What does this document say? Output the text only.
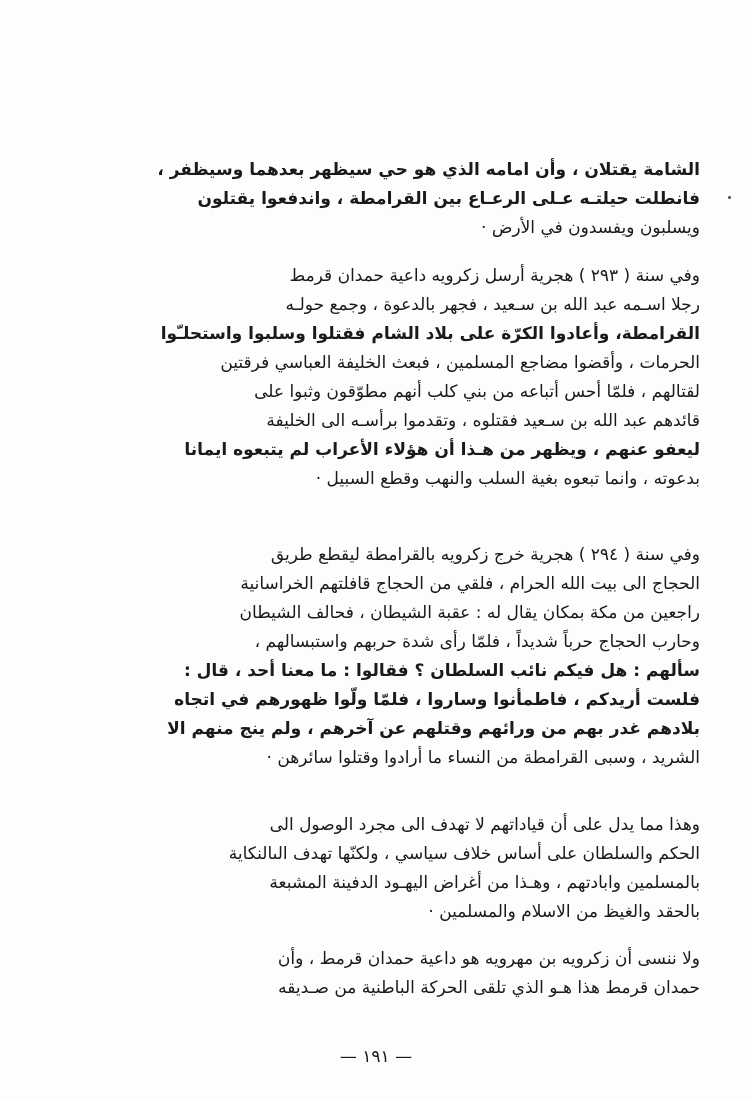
الشامة يقتلان ، وأن امامه الذي هو حي سيظهر بعدهما وسيظفر ،
فانطلت حيلتـه عـلى الرعـاع بين القرامطة ، واندفعوا يقتلون
ويسلبون ويفسدون في الأرض ·
وفي سنة ( ٢٩٣ ) هجرية أرسل زكرويه داعية حمدان قرمط
رجلا اسـمه عبد الله بن سـعيد ، فجهر بالدعوة ، وجمع حولـه
القرامطة، وأعادوا الكرّة على بلاد الشام فقتلوا وسلبوا واستحلـّوا
الحرمات ، وأقضوا مضاجع المسلمين ، فبعث الخليفة العباسي فرقتين
لقتالهم ، فلمّا أحس أتباعه من بني كلب أنهم مطوّقون وثبوا على
قائدهم عبد الله بن سـعيد فقتلوه ، وتقدموا برأسـه الى الخليفة
ليعفو عنهم ، ويظهر من هـذا أن هؤلاء الأعراب لم يتبعوه ايمانا
بدعوته ، وانما تبعوه بغية السلب والنهب وقطع السبيل ·
وفي سنة ( ٢٩٤ ) هجرية خرج زكرويه بالقرامطة ليقطع طريق
الحجاج الى بيت الله الحرام ، فلقي من الحجاج قافلتهم الخراسانية
راجعين من مكة بمكان يقال له : عقبة الشيطان ، فحالف الشيطان
وحارب الحجاج حرباً شديداً ، فلمّا رأى شدة حربهم واستبسالهم ،
سألهم : هل فيكم نائب السلطان ؟ فقالوا : ما معنا أحد ، قال :
فلست أريدكم ، فاطمأنوا وساروا ، فلمّا ولّوا ظهورهم في اتجاه
بلادهم غدر بهم من ورائهم وقتلهم عن آخرهم ، ولم ينج منهم الا
الشريد ، وسبى القرامطة من النساء ما أرادوا وقتلوا سائرهن ·
وهذا مما يدل على أن قياداتهم لا تهدف الى مجرد الوصول الى
الحكم والسلطان على أساس خلاف سياسي ، ولكنّها تهدف الىالنكاية
بالمسلمين وابادتهم ، وهـذا من أغراض اليهـود الدفينة المشبعة
بالحقد والغيظ من الاسلام والمسلمين ·
ولا ننسى أن زكرويه بن مهرويه هو داعية حمدان قرمط ، وأن
حمدان قرمط هذا هـو الذي تلقى الحركة الباطنية من صـديقه
— ١٩١ —
